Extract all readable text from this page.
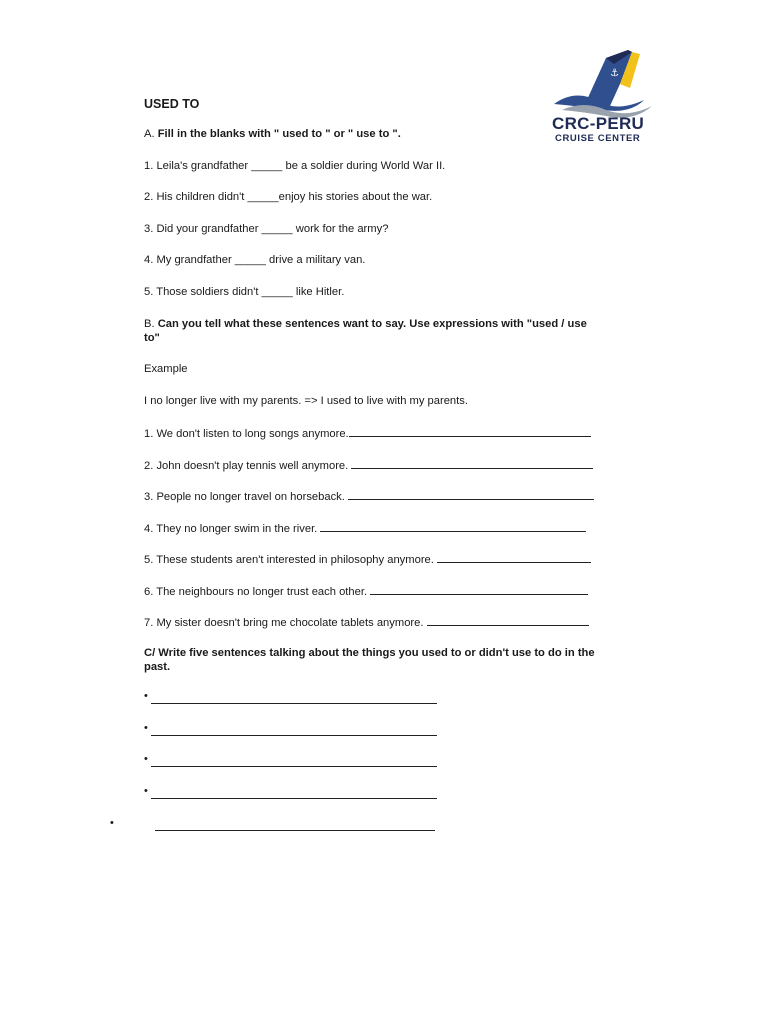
⚓
CRC-PERU
CRUISE CENTER
USED TO
A. Fill in the blanks with " used to " or " use to ".
1. Leila's grandfather _____ be a soldier during World War II.
2. His children didn't _____enjoy his stories about the war.
3. Did your grandfather _____ work for the army?
4. My grandfather _____ drive a military van.
5. Those soldiers didn't _____ like Hitler.
B. Can you tell what these sentences want to say. Use expressions with "used / use
to"
Example
I no longer live with my parents. => I used to live with my parents.
1. We don't listen to long songs anymore.
2. John doesn't play tennis well anymore.
3. People no longer travel on horseback.
4. They no longer swim in the river.
5. These students aren't interested in philosophy anymore.
6. The neighbours no longer trust each other.
7. My sister doesn't bring me chocolate tablets anymore.
C/ Write five sentences talking about the things you used to or didn't use to do in the
past.
•
•
•
•
•
